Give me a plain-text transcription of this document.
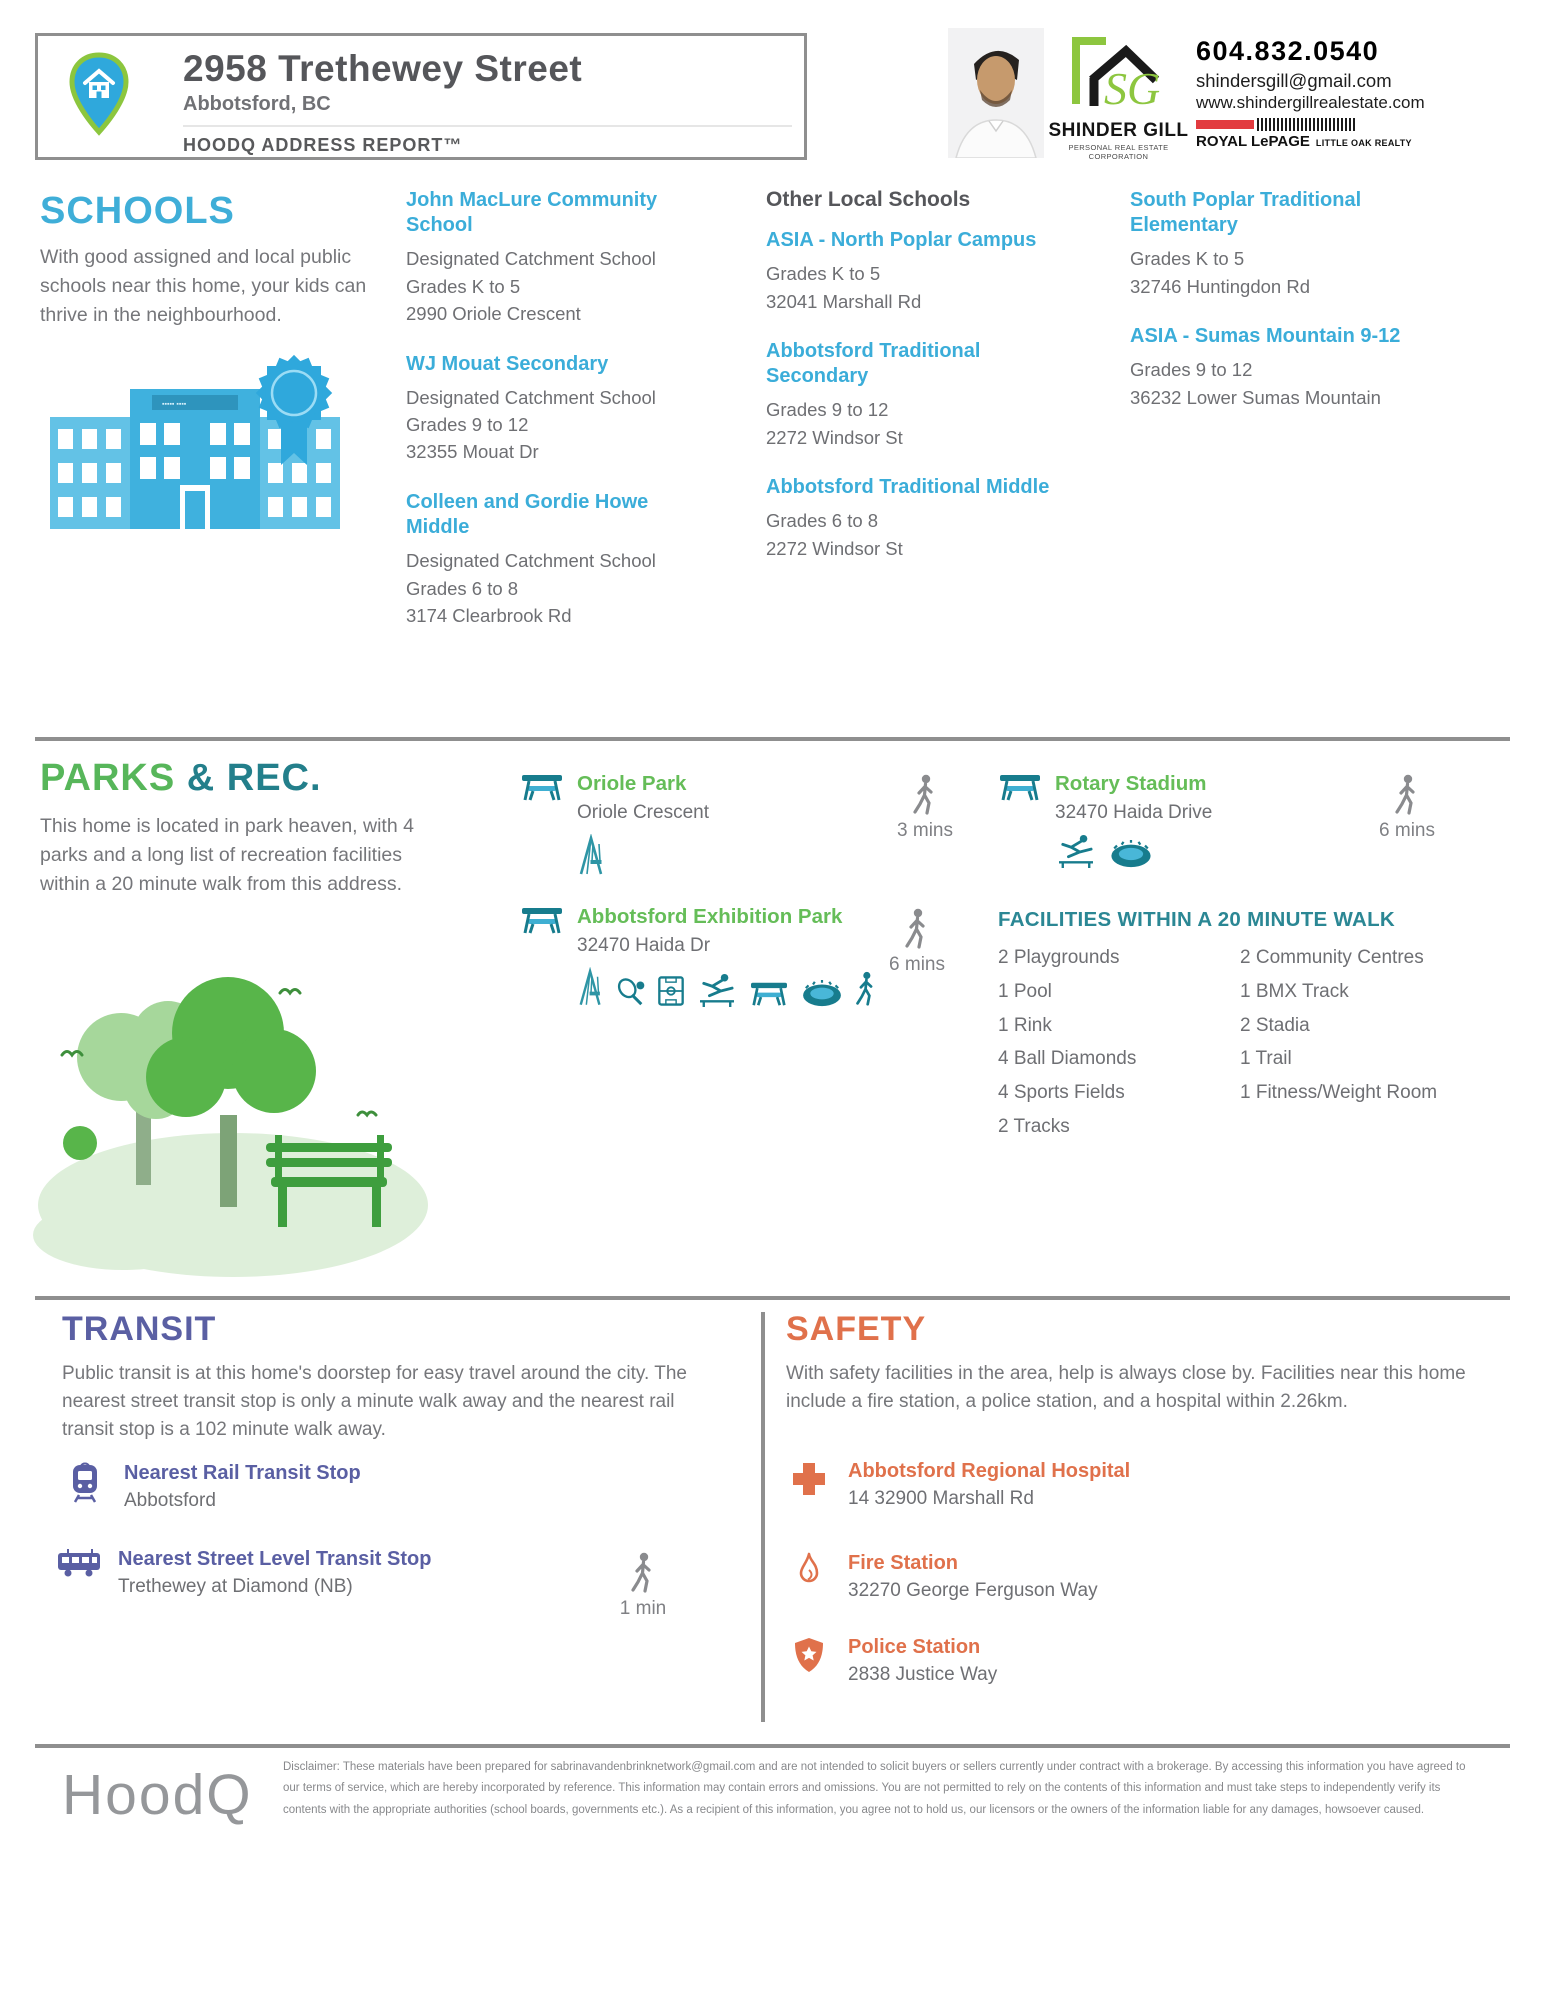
2958 Trethewey Street
Abbotsford, BC
HOODQ ADDRESS REPORT™
SG
SHINDER GILL
PERSONAL REAL ESTATE CORPORATION
604.832.0540
shindersgill@gmail.com
www.shindergillrealestate.com
ROYAL LePAGE LITTLE OAK REALTY
SCHOOLS
With good assigned and local public schools near this home, your kids can thrive in the neighbourhood.
▪▪▪▪▪ ▪▪▪▪
John MacLure Community School
Designated Catchment School
Grades K to 5
2990 Oriole Crescent
WJ Mouat Secondary
Designated Catchment School
Grades 9 to 12
32355 Mouat Dr
Colleen and Gordie Howe Middle
Designated Catchment School
Grades 6 to 8
3174 Clearbrook Rd
Other Local Schools
ASIA - North Poplar Campus
Grades K to 5
32041 Marshall Rd
Abbotsford Traditional Secondary
Grades 9 to 12
2272 Windsor St
Abbotsford Traditional Middle
Grades 6 to 8
2272 Windsor St
South Poplar Traditional Elementary
Grades K to 5
32746 Huntingdon Rd
ASIA - Sumas Mountain 9-12
Grades 9 to 12
36232 Lower Sumas Mountain
PARKS & REC.
This home is located in park heaven, with 4 parks and a long list of recreation facilities within a 20 minute walk from this address.
Oriole Park
Oriole Crescent
3 mins
Rotary Stadium
32470 Haida Drive
6 mins
Abbotsford Exhibition Park
32470 Haida Dr
6 mins
FACILITIES WITHIN A 20 MINUTE WALK
2 Playgrounds
1 Pool
1 Rink
4 Ball Diamonds
4 Sports Fields
2 Tracks
2 Community Centres
1 BMX Track
2 Stadia
1 Trail
1 Fitness/Weight Room
TRANSIT
Public transit is at this home's doorstep for easy travel around the city. The nearest street transit stop is only a minute walk away and the nearest rail transit stop is a 102 minute walk away.
Nearest Rail Transit Stop
Abbotsford
Nearest Street Level Transit Stop
Trethewey at Diamond (NB)
1 min
SAFETY
With safety facilities in the area, help is always close by. Facilities near this home include a fire station, a police station, and a hospital within 2.26km.
Abbotsford Regional Hospital
14 32900 Marshall Rd
Fire Station
32270 George Ferguson Way
Police Station
2838 Justice Way
HoodQ	Disclaimer: These materials have been prepared for sabrinavandenbrinknetwork@gmail.com and are not intended to solicit buyers or sellers currently under contract with a brokerage. By accessing this information you have agreed to our terms of service, which are hereby incorporated by reference. This information may contain errors and omissions. You are not permitted to rely on the contents of this information and must take steps to independently verify its contents with the appropriate authorities (school boards, governments etc.). As a recipient of this information, you agree not to hold us, our licensors or the owners of the information liable for any damages, howsoever caused.
